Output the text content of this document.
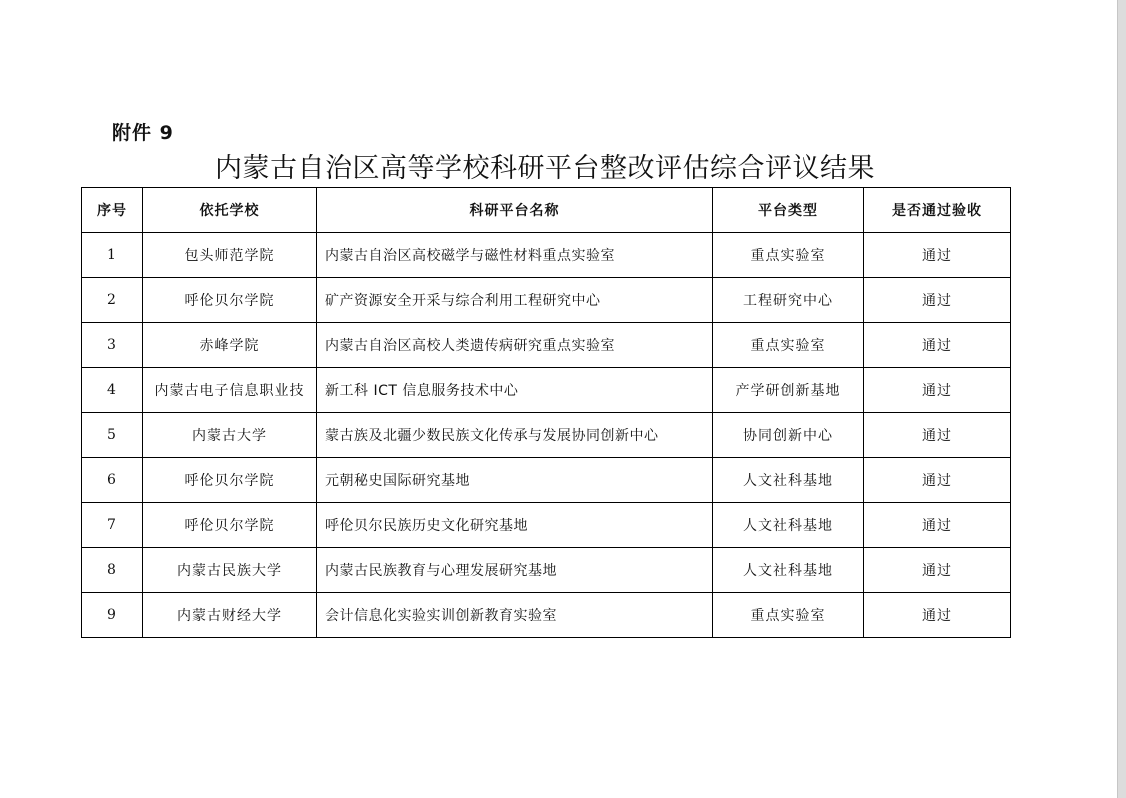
附件 9
内蒙古自治区高等学校科研平台整改评估综合评议结果
序号	依托学校	科研平台名称	平台类型	是否通过验收
1	包头师范学院	内蒙古自治区高校磁学与磁性材料重点实验室	重点实验室	通过
2	呼伦贝尔学院	矿产资源安全开采与综合利用工程研究中心	工程研究中心	通过
3	赤峰学院	内蒙古自治区高校人类遗传病研究重点实验室	重点实验室	通过
4	内蒙古电子信息职业技	新工科 ICT 信息服务技术中心	产学研创新基地	通过
5	内蒙古大学	蒙古族及北疆少数民族文化传承与发展协同创新中心	协同创新中心	通过
6	呼伦贝尔学院	元朝秘史国际研究基地	人文社科基地	通过
7	呼伦贝尔学院	呼伦贝尔民族历史文化研究基地	人文社科基地	通过
8	内蒙古民族大学	内蒙古民族教育与心理发展研究基地	人文社科基地	通过
9	内蒙古财经大学	会计信息化实验实训创新教育实验室	重点实验室	通过
